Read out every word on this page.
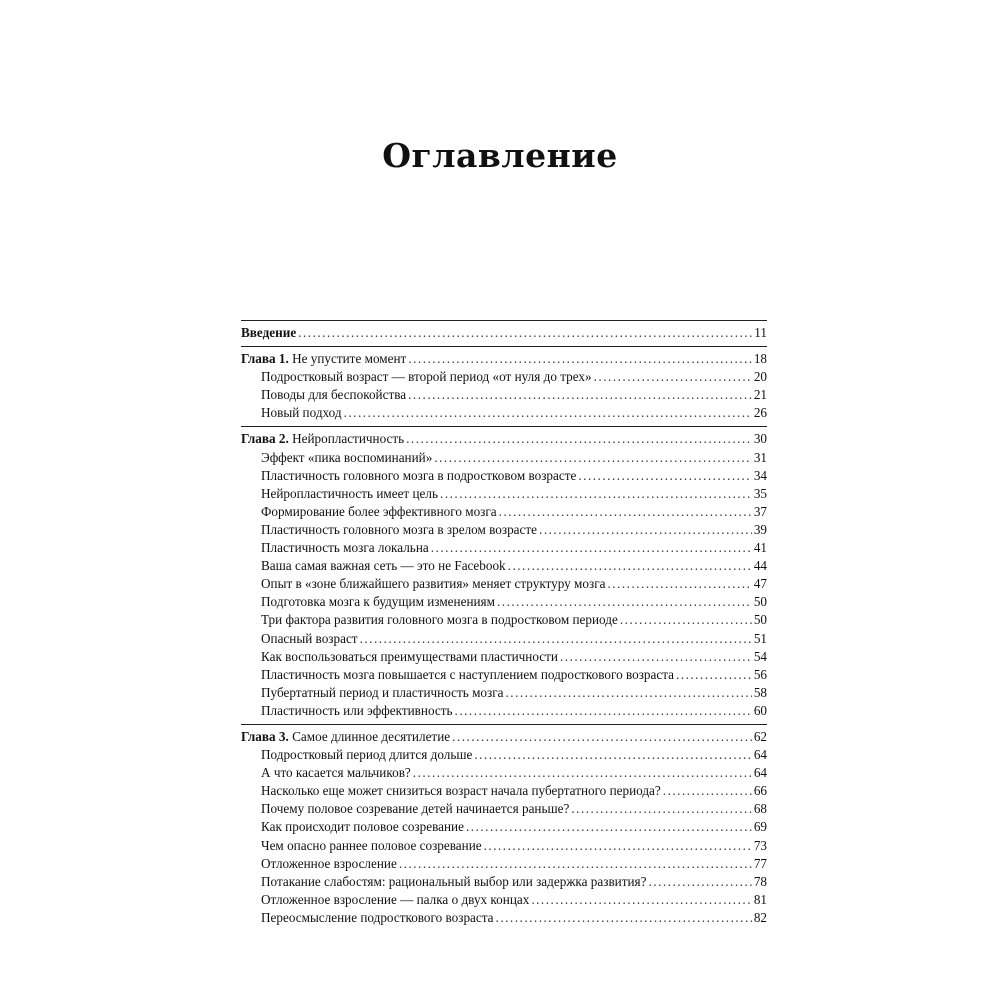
Оглавление
Введение .....	11
Глава 1. Не упустите момент .....	18
Подростковый возраст — второй период «от нуля до трех» .....	20
Поводы для беспокойства .....	21
Новый подход .....	26
Глава 2. Нейропластичность .....	30
Эффект «пика воспоминаний» .....	31
Пластичность головного мозга в подростковом возрасте .....	34
Нейропластичность имеет цель .....	35
Формирование более эффективного мозга .....	37
Пластичность головного мозга в зрелом возрасте .....	39
Пластичность мозга локальна .....	41
Ваша самая важная сеть — это не Facebook .....	44
Опыт в «зоне ближайшего развития» меняет структуру мозга .....	47
Подготовка мозга к будущим изменениям .....	50
Три фактора развития головного мозга в подростковом периоде .....	50
Опасный возраст .....	51
Как воспользоваться преимуществами пластичности .....	54
Пластичность мозга повышается с наступлением подросткового возраста .....	56
Пубертатный период и пластичность мозга .....	58
Пластичность или эффективность .....	60
Глава 3. Самое длинное десятилетие .....	62
Подростковый период длится дольше .....	64
А что касается мальчиков? .....	64
Насколько еще может снизиться возраст начала пубертатного периода? .....	66
Почему половое созревание детей начинается раньше? .....	68
Как происходит половое созревание .....	69
Чем опасно раннее половое созревание .....	73
Отложенное взросление .....	77
Потакание слабостям: рациональный выбор или задержка развития? .....	78
Отложенное взросление — палка о двух концах .....	81
Переосмысление подросткового возраста .....	82
